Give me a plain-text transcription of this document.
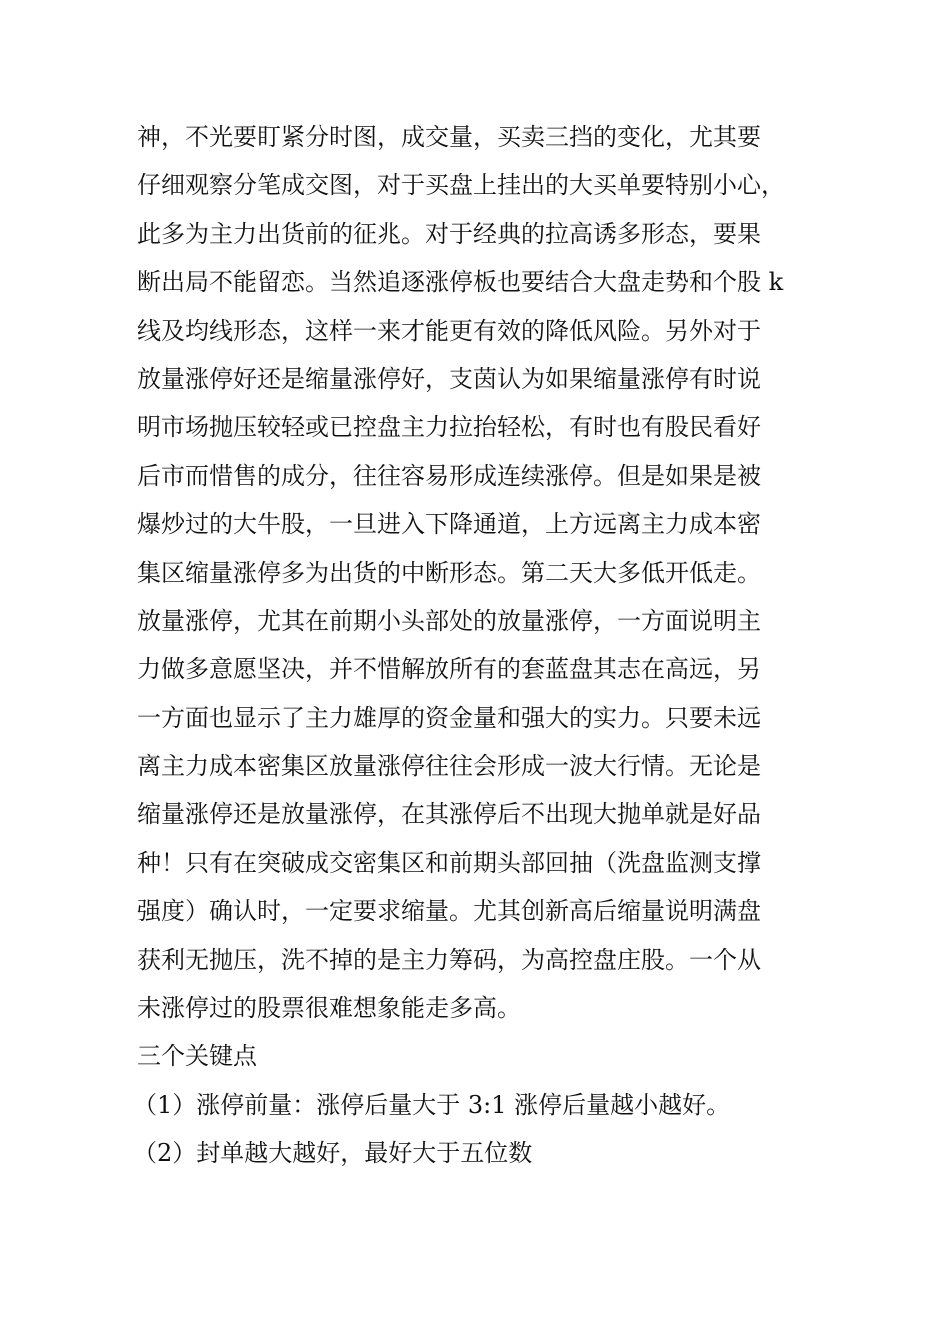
神，不光要盯紧分时图，成交量，买卖三挡的变化，尤其要
仔细观察分笔成交图，对于买盘上挂出的大买单要特别小心，
此多为主力出货前的征兆。对于经典的拉高诱多形态，要果
断出局不能留恋。当然追逐涨停板也要结合大盘走势和个股 k
线及均线形态，这样一来才能更有效的降低风险。另外对于
放量涨停好还是缩量涨停好，支茵认为如果缩量涨停有时说
明市场抛压较轻或已控盘主力拉抬轻松，有时也有股民看好
后市而惜售的成分，往往容易形成连续涨停。但是如果是被
爆炒过的大牛股，一旦进入下降通道，上方远离主力成本密
集区缩量涨停多为出货的中断形态。第二天大多低开低走。
放量涨停，尤其在前期小头部处的放量涨停，一方面说明主
力做多意愿坚决，并不惜解放所有的套蓝盘其志在高远，另
一方面也显示了主力雄厚的资金量和强大的实力。只要未远
离主力成本密集区放量涨停往往会形成一波大行情。无论是
缩量涨停还是放量涨停，在其涨停后不出现大抛单就是好品
种！只有在突破成交密集区和前期头部回抽（洗盘监测支撑
强度）确认时，一定要求缩量。尤其创新高后缩量说明满盘
获利无抛压，洗不掉的是主力筹码，为高控盘庄股。一个从
未涨停过的股票很难想象能走多高。
三个关键点
（1）涨停前量：涨停后量大于 3:1 涨停后量越小越好。
（2）封单越大越好，最好大于五位数
